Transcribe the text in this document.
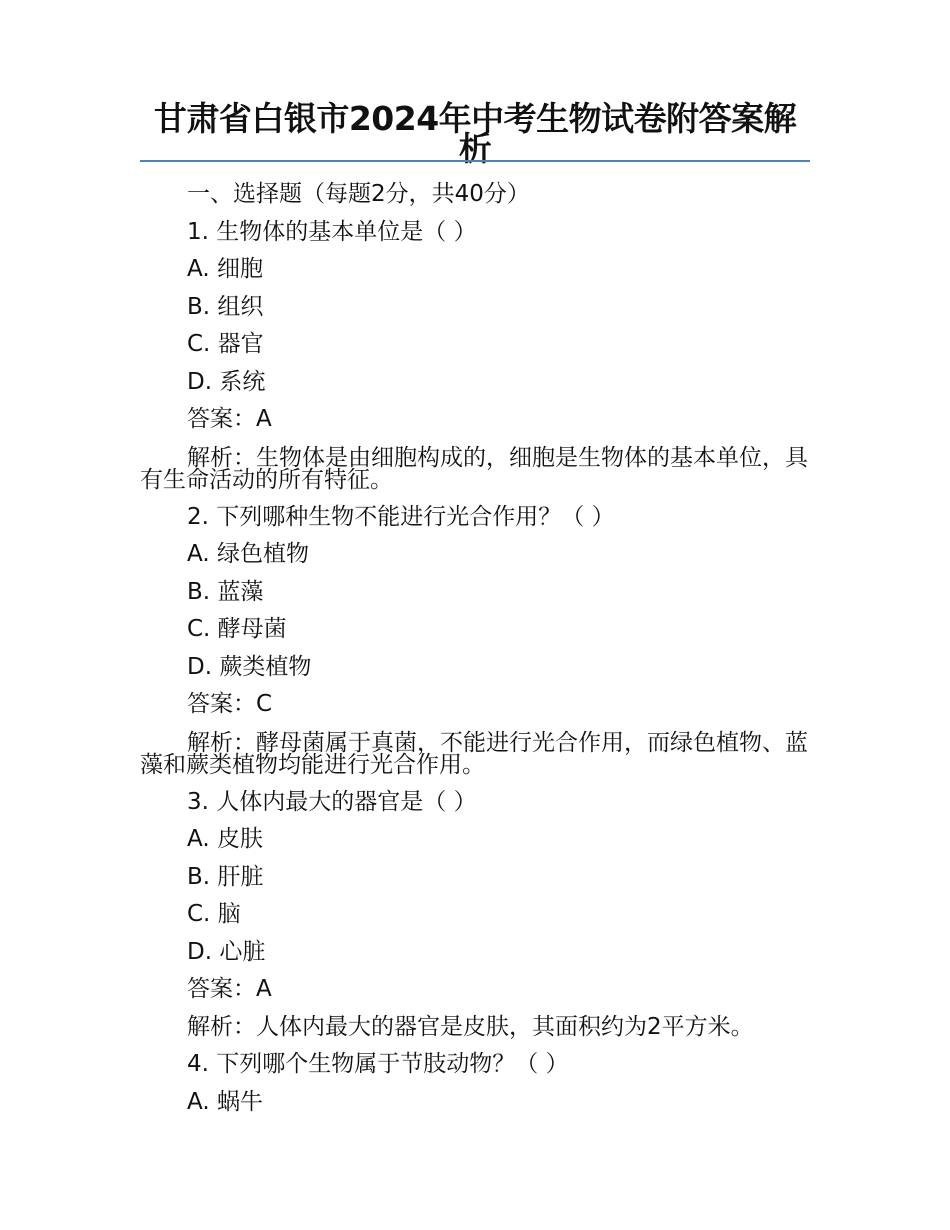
甘肃省白银市2024年中考生物试卷附答案解析
一、选择题（每题2分，共40分）
1. 生物体的基本单位是（ ）
A. 细胞
B. 组织
C. 器官
D. 系统
答案：A
解析：生物体是由细胞构成的，细胞是生物体的基本单位，具有生命活动的所有特征。
2. 下列哪种生物不能进行光合作用？（ ）
A. 绿色植物
B. 蓝藻
C. 酵母菌
D. 蕨类植物
答案：C
解析：酵母菌属于真菌，不能进行光合作用，而绿色植物、蓝藻和蕨类植物均能进行光合作用。
3. 人体内最大的器官是（ ）
A. 皮肤
B. 肝脏
C. 脑
D. 心脏
答案：A
解析：人体内最大的器官是皮肤，其面积约为2平方米。
4. 下列哪个生物属于节肢动物？（ ）
A. 蜗牛
